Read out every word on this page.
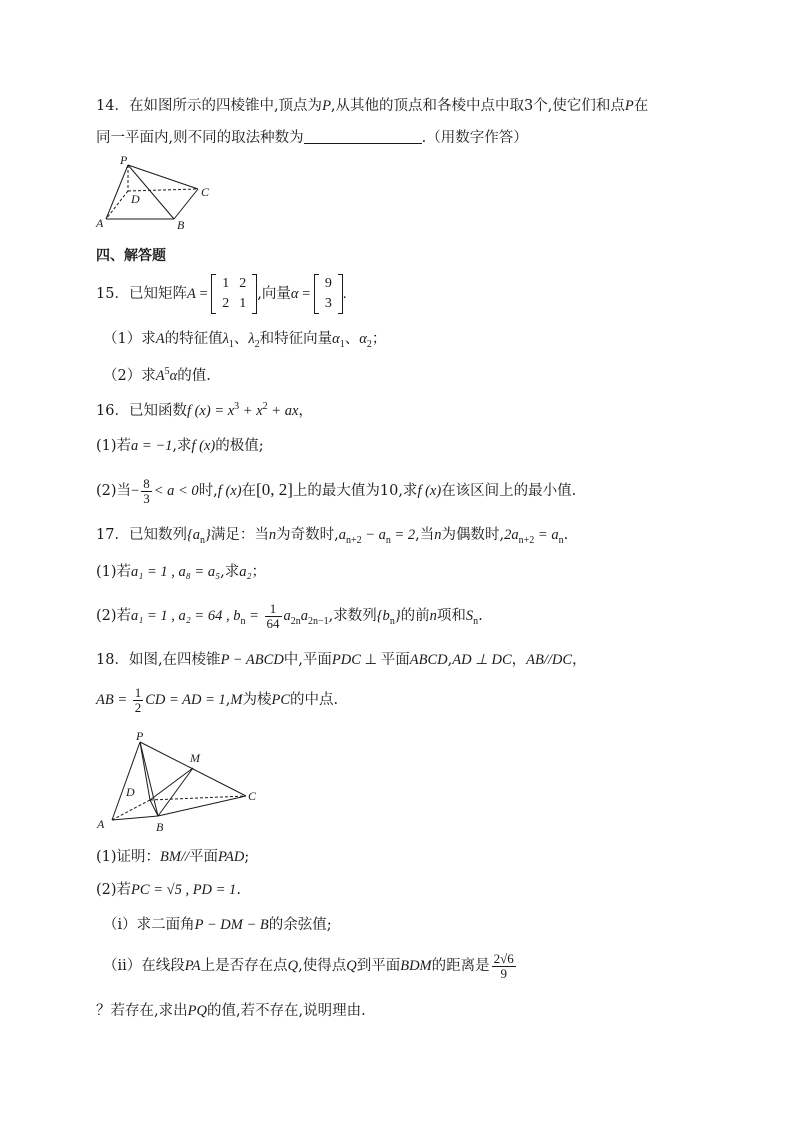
14．在如图所示的四棱锥中,顶点为P,从其他的顶点和各棱中点中取3个,使它们和点P在
同一平面内,则不同的取法种数为	.（用数字作答）
P
D	C
A	B
四、解答题
15．已知矩阵A =
1	2
2	1
,向量α =
9
3
.
（1）求A的特征值$\lambda_1$、$\lambda_2$和特征向量$\alpha_1$、$\alpha_2$；
（2）求$A^5\alpha$的值.
16．已知函数f $(x) = x^3 + x^2$ + ax，
(1)若a = −1,求f (x)的极值;
(2)当− $\frac{8}{3} < a < 0$时,f (x)在[0, 2]上的最大值为10,求f (x)在该区间上的最小值.
17．已知数列$\{a_n\}$满足：当n为奇数时$,a_{n+2} - a_n = 2$,当n为偶数时$,2a_{n+2} = a_n$.
(1)若a₁ = 1 , a₈ = a₅,求a₂；
(2)若a₁ = 1 , a₂ = 64 , $b_n = \frac{1}{64} a_{2n}a_{2n-1}$,求数列$\{b_n\}$的前n项和$S_n$.
18．如图,在四棱锥P − ABCD中,平面PDC ⊥ 平面ABCD,AD ⊥ DC，AB//DC，
AB = $\frac{1}{2}$ CD = AD = 1,M为棱PC的中点.
P
M
D	C
A	B
(1)证明：BM//平面PAD;
(2)若PC = √5 , PD = 1.
（i）求二面角P − DM − B的余弦值;
（ii）在线段PA上是否存在点Q,使得点Q到平面BDM的距离是 $\frac{2√6}{9}$
？若存在,求出PQ的值,若不存在,说明理由.
